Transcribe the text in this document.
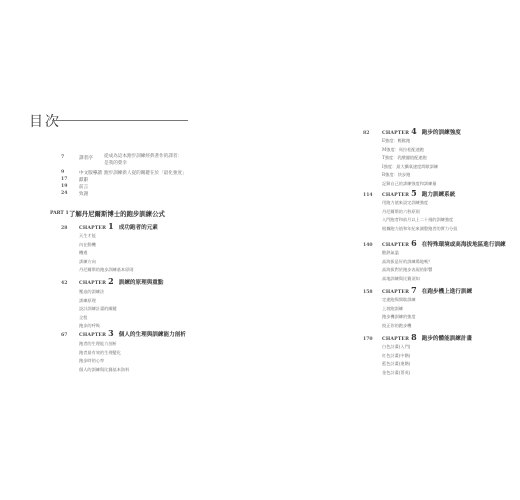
目次
7	譯者序 從成為這本跑步訓練經典著作的譯者：
是我的榮幸
9	中文版導讀 跑步訓練新人從的關鍵在於「最化強度」
17	獻辭
19	前言
24	致謝
PART 1 了解丹尼爾斯博士的跑步訓練公式
28	CHAPTER 1 成功跑者的元素
天生才能
內在動機
機遇
訓練方向
丹尼爾斯的跑步訓練基本原則
42	CHAPTER 2 訓練的原理與重點
壓迫的訓練法
訓練原理
設計訓練計畫的關鍵
全程
跑步的呼吸
67	CHAPTER 3 個人的生理與訓練能力剖析
跑者的生理能力剖析
跑者最有效的生理變化
跑步時的心率
個人的訓練與比賽基本資料
82	CHAPTER 4 跑步的訓練強度
E強度：輕鬆跑
M強度：馬拉松配速跑
T強度：乳酸閾值配速跑
I強度：最大攝氧速度間歇訓練
R強度：快步跑
記錄自己的訓練強度和訓練量
114 CHAPTER 5 跑力訓練系統
用跑力值來設定訓練強度
丹尼爾斯的六秒原則
入門跑者和前月以上二十週的訓練強度
根據跑力值和年紀來調整跑者的實力分級
140 CHAPTER 6 在特殊環境或高海拔地區進行訓練
酷熱氣溫
高海拔是好的訓練場地嗎？
高海拔對於跑步表現的影響
高地訓練與比賽須知
158 CHAPTER 7 在跑步機上進行訓練
定速跑與間歇訓練
上坡跑訓練
跑步機訓練的強度
校正你的跑步機
170 CHAPTER 8 跑步的體能訓練計畫
白色計畫(入門)
紅色計畫(中階)
藍色計畫(進階)
金色計畫(菁英)
